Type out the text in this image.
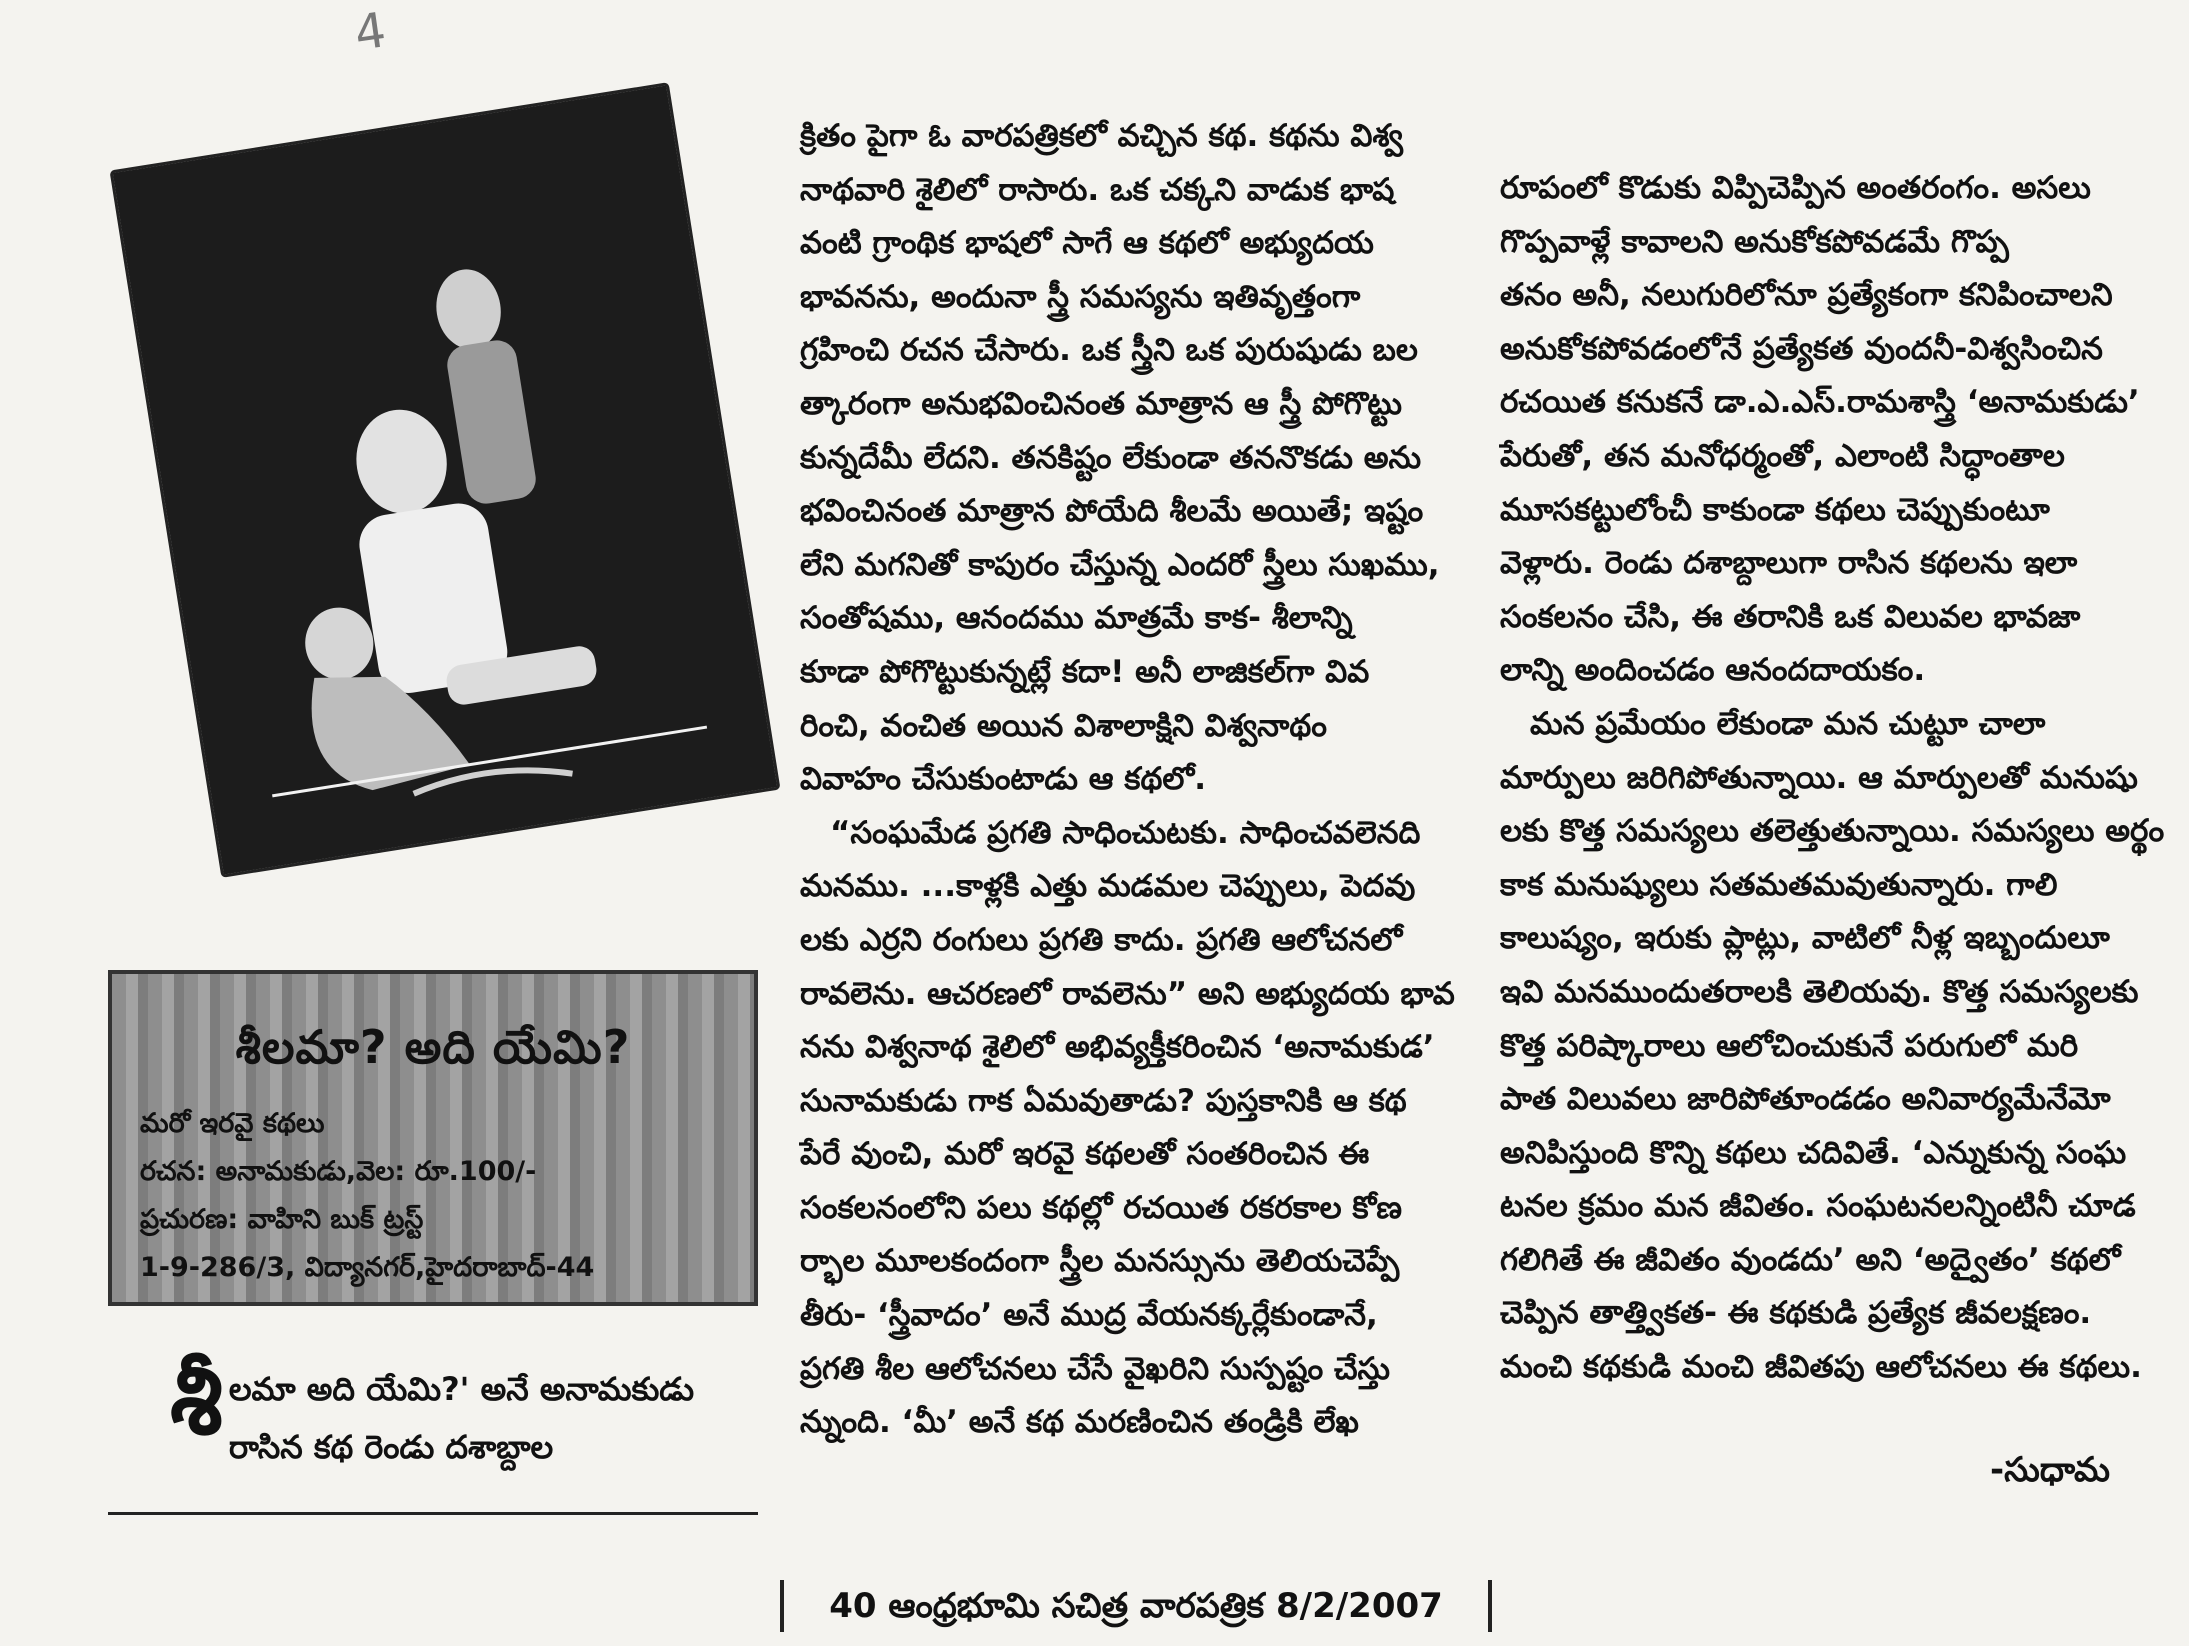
4
శీలమా? అది యేమి?
మరో ఇరవై కథలు
రచన: అనామకుడు,వెల: రూ.100/-
ప్రచురణ: వాహిని బుక్ ట్రస్ట్
1-9-286/3, విద్యానగర్,హైదరాబాద్-44
శీలమా అది యేమి?' అనే అనామకుడు రాసిన కథ రెండు దశాబ్దాల

క్రితం పైగా ఓ వారపత్రికలో వచ్చిన కథ. కథను విశ్వ

నాథవారి శైలిలో రాసారు. ఒక చక్కని వాడుక భాష

వంటి గ్రాంథిక భాషలో సాగే ఆ కథలో అభ్యుదయ

భావనను, అందునా స్త్రీ సమస్యను ఇతివృత్తంగా

గ్రహించి రచన చేసారు. ఒక స్త్రీని ఒక పురుషుడు బల

త్కారంగా అనుభవించినంత మాత్రాన ఆ స్త్రీ పోగొట్టు

కున్నదేమీ లేదని. తనకిష్టం లేకుండా తననొకడు అను

భవించినంత మాత్రాన పోయేది శీలమే అయితే; ఇష్టం

లేని మగనితో కాపురం చేస్తున్న ఎందరో స్త్రీలు సుఖము,

సంతోషము, ఆనందము మాత్రమే కాక- శీలాన్ని

కూడా పోగొట్టుకున్నట్లే కదా! అనీ లాజికల్‌గా వివ

రించి, వంచిత అయిన విశాలాక్షిని విశ్వనాథం

వివాహం చేసుకుంటాడు ఆ కథలో.

“సంఘమేడ ప్రగతి సాధించుటకు. సాధించవలెనది

మనము. ...కాళ్లకి ఎత్తు మడమల చెప్పులు, పెదవు

లకు ఎర్రని రంగులు ప్రగతి కాదు. ప్రగతి ఆలోచనలో

రావలెను. ఆచరణలో రావలెను” అని అభ్యుదయ భావ

నను విశ్వనాథ శైలిలో అభివ్యక్తీకరించిన ‘అనామకుడ’

సునామకుడు గాక ఏమవుతాడు? పుస్తకానికి ఆ కథ

పేరే వుంచి, మరో ఇరవై కథలతో సంతరించిన ఈ

సంకలనంలోని పలు కథల్లో రచయిత రకరకాల కోణ

ర్భాల మూలకందంగా స్త్రీల మనస్సును తెలియచెప్పే

తీరు- ‘స్త్రీవాదం’ అనే ముద్ర వేయనక్కర్లేకుండానే,

ప్రగతి శీల ఆలోచనలు చేసే వైఖరిని సుస్పష్టం చేస్తు

న్నుంది. ‘మీ’ అనే కథ మరణించిన తండ్రికి లేఖ

రూపంలో కొడుకు విప్పిచెప్పిన అంతరంగం. అసలు

గొప్పవాళ్లే కావాలని అనుకోకపోవడమే గొప్ప

తనం అనీ, నలుగురిలోనూ ప్రత్యేకంగా కనిపించాలని

అనుకోకపోవడంలోనే ప్రత్యేకత వుందనీ-విశ్వసించిన

రచయిత కనుకనే డా.ఎ.ఎస్.రామశాస్త్రి ‘అనామకుడు’

పేరుతో, తన మనోధర్మంతో, ఎలాంటి సిద్ధాంతాల

మూసకట్టులోంచీ కాకుండా కథలు చెప్పుకుంటూ

వెళ్లారు. రెండు దశాబ్దాలుగా రాసిన కథలను ఇలా

సంకలనం చేసి, ఈ తరానికి ఒక విలువల భావజా

లాన్ని అందించడం ఆనందదాయకం.

మన ప్రమేయం లేకుండా మన చుట్టూ చాలా

మార్పులు జరిగిపోతున్నాయి. ఆ మార్పులతో మనుషు

లకు కొత్త సమస్యలు తలెత్తుతున్నాయి. సమస్యలు అర్థం

కాక మనుష్యులు సతమతమవుతున్నారు. గాలి

కాలుష్యం, ఇరుకు ప్లాట్లు, వాటిలో నీళ్ల ఇబ్బందులూ

ఇవి మనముందుతరాలకి తెలియవు. కొత్త సమస్యలకు

కొత్త పరిష్కారాలు ఆలోచించుకునే పరుగులో మరి

పాత విలువలు జారిపోతూండడం అనివార్యమేనేమో

అనిపిస్తుంది కొన్ని కథలు చదివితే. ‘ఎన్నుకున్న సంఘ

టనల క్రమం మన జీవితం. సంఘటనలన్నింటినీ చూడ

గలిగితే ఈ జీవితం వుండదు’ అని ‘అద్వైతం’ కథలో

చెప్పిన తాత్త్వికత- ఈ కథకుడి ప్రత్యేక జీవలక్షణం.

మంచి కథకుడి మంచి జీవితపు ఆలోచనలు ఈ కథలు.

-సుధామ
40 ఆంధ్రభూమి సచిత్ర వారపత్రిక 8/2/2007
